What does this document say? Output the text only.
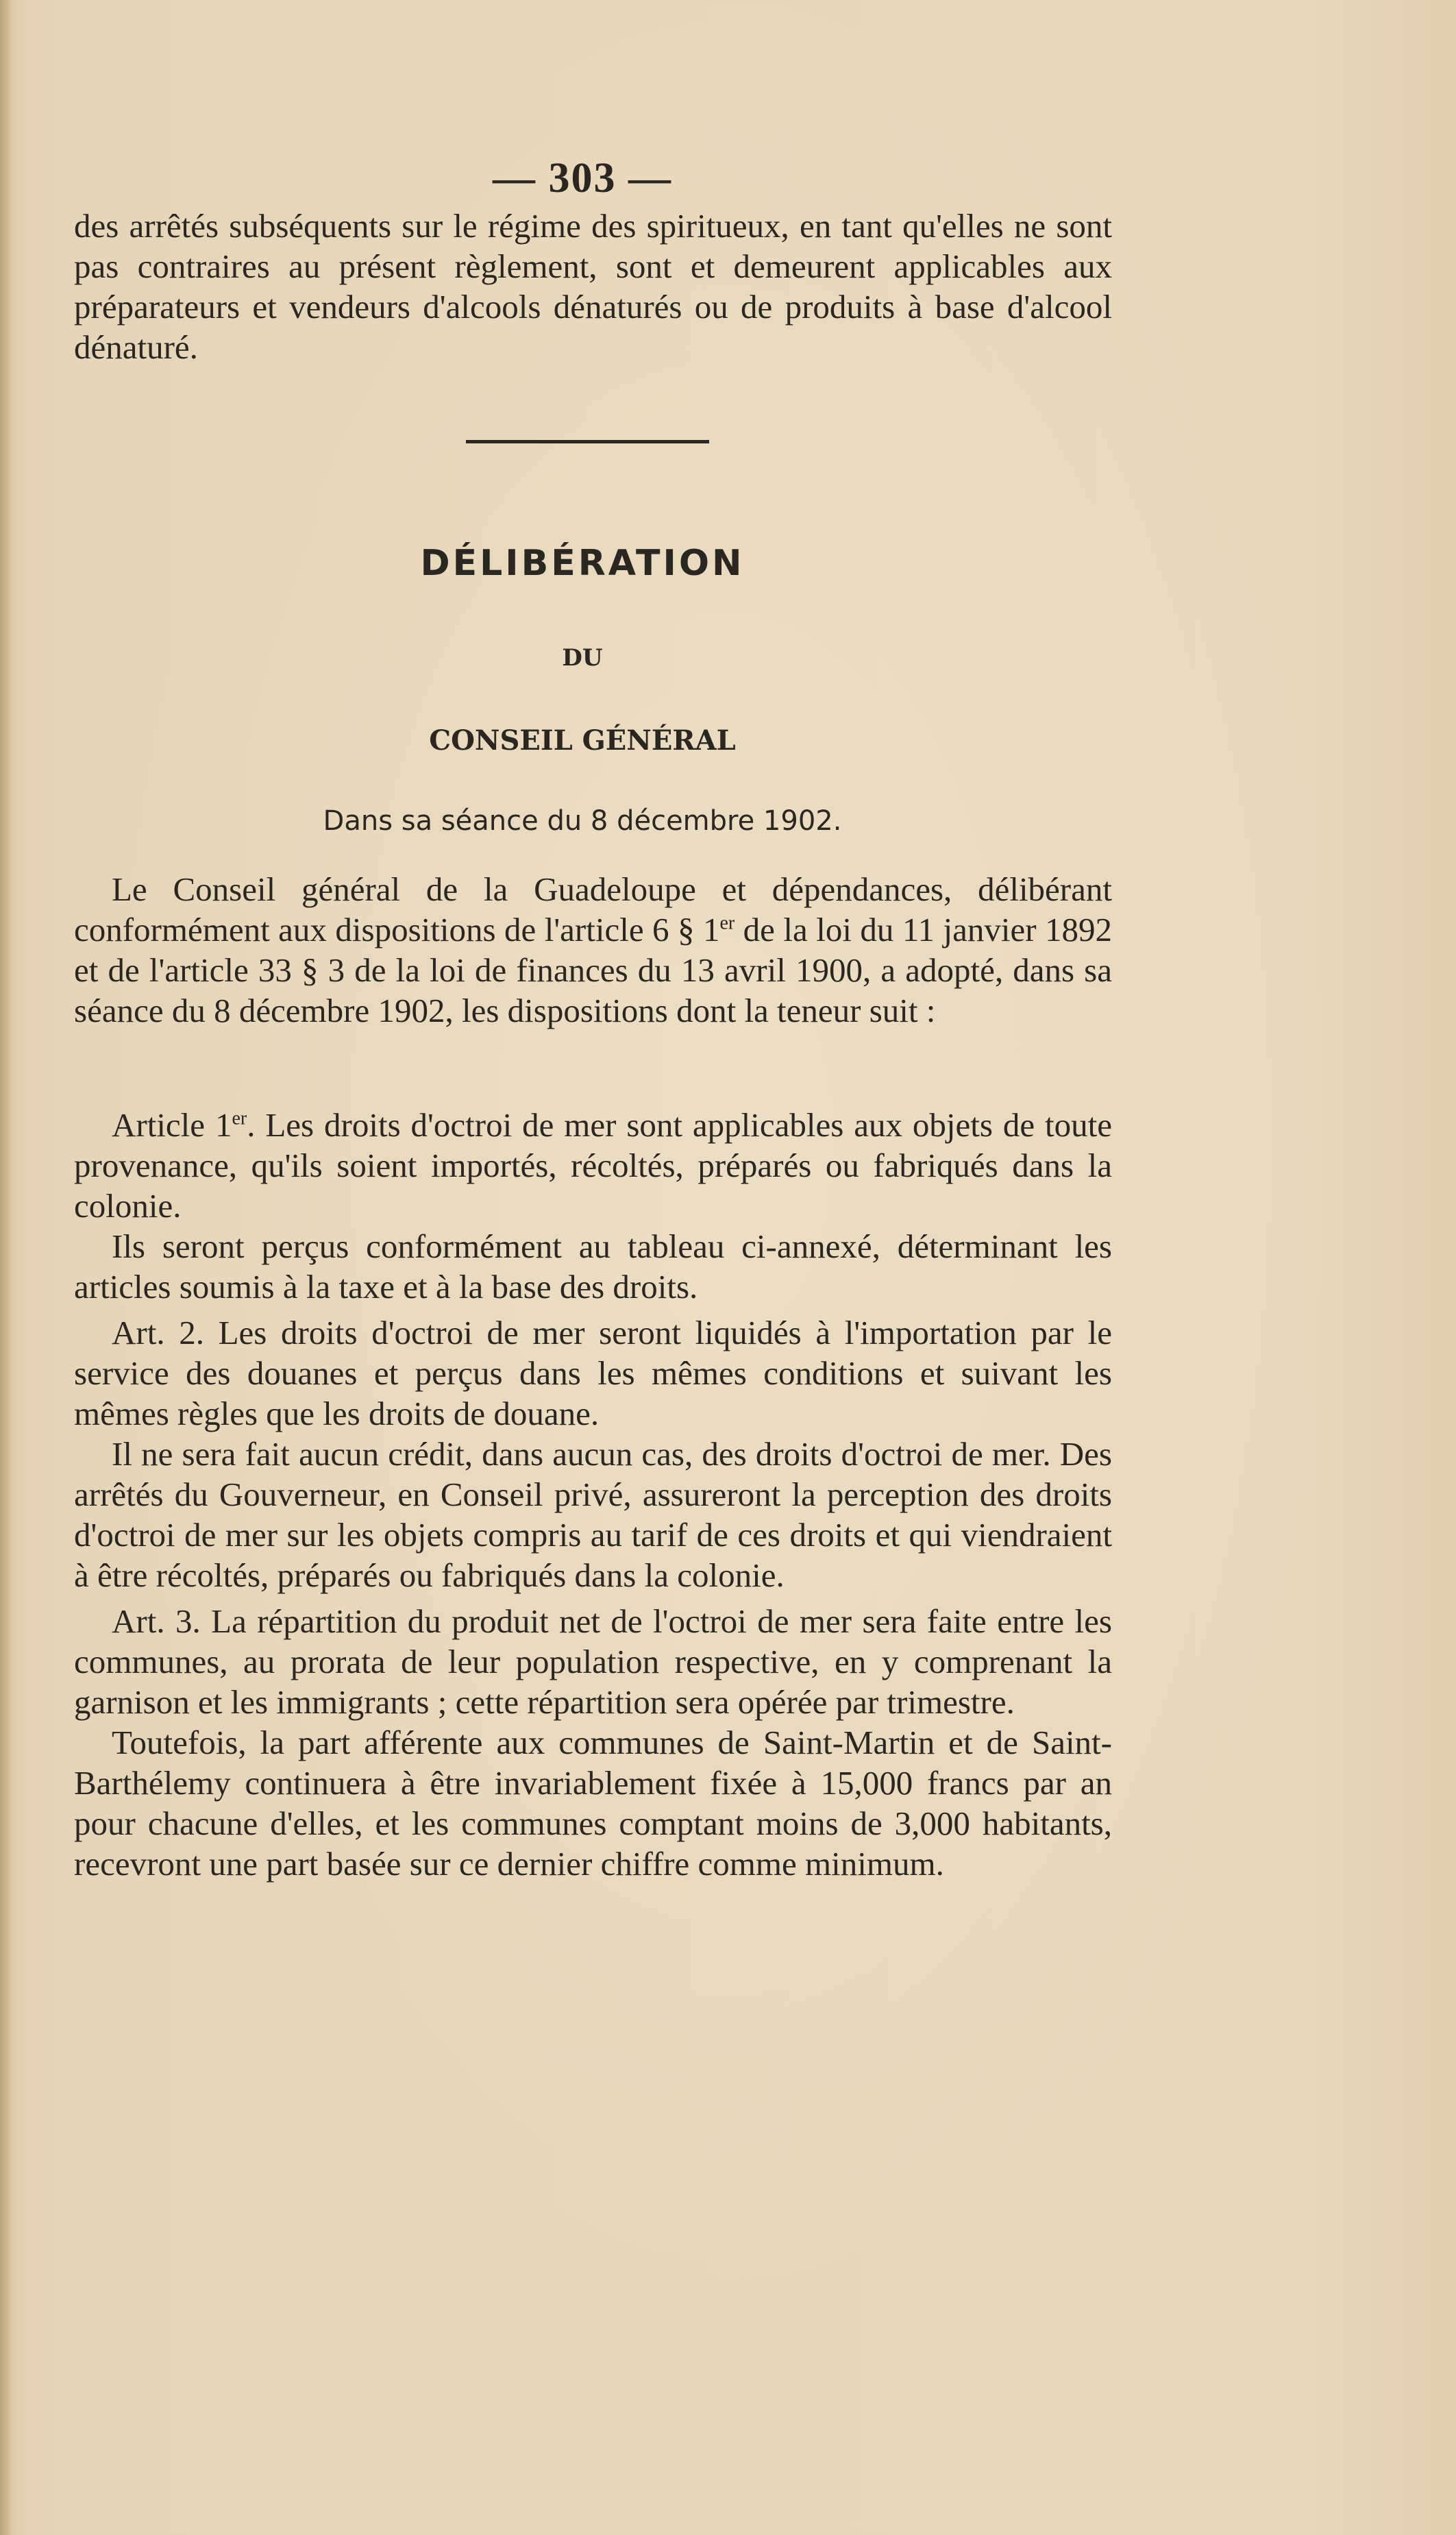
— 303 —

des arrêtés subséquents sur le régime des spiritueux, en tant qu'elles ne sont pas contraires au présent règlement, sont et demeurent applicables aux préparateurs et vendeurs d'alcools dénaturés ou de produits à base d'alcool dénaturé.

DÉLIBÉRATION
DU
CONSEIL GÉNÉRAL
Dans sa séance du 8 décembre 1902.

Le Conseil général de la Guadeloupe et dépendances, délibérant conformément aux dispositions de l'article 6 § 1er de la loi du 11 janvier 1892 et de l'article 33 § 3 de la loi de finances du 13 avril 1900, a adopté, dans sa séance du 8 décembre 1902, les dispositions dont la teneur suit :

Article 1er. Les droits d'octroi de mer sont applicables aux objets de toute provenance, qu'ils soient importés, récoltés, préparés ou fabriqués dans la colonie.

Ils seront perçus conformément au tableau ci-annexé, déterminant les articles soumis à la taxe et à la base des droits.

Art. 2. Les droits d'octroi de mer seront liquidés à l'importation par le service des douanes et perçus dans les mêmes conditions et suivant les mêmes règles que les droits de douane.

Il ne sera fait aucun crédit, dans aucun cas, des droits d'octroi de mer. Des arrêtés du Gouverneur, en Conseil privé, assureront la perception des droits d'octroi de mer sur les objets compris au tarif de ces droits et qui viendraient à être récoltés, préparés ou fabriqués dans la colonie.

Art. 3. La répartition du produit net de l'octroi de mer sera faite entre les communes, au prorata de leur population respective, en y comprenant la garnison et les immigrants ; cette répartition sera opérée par trimestre.

Toutefois, la part afférente aux communes de Saint-Martin et de Saint-Barthélemy continuera à être invariablement fixée à 15,000 francs par an pour chacune d'elles, et les communes comptant moins de 3,000 habitants, recevront une part basée sur ce dernier chiffre comme minimum.
